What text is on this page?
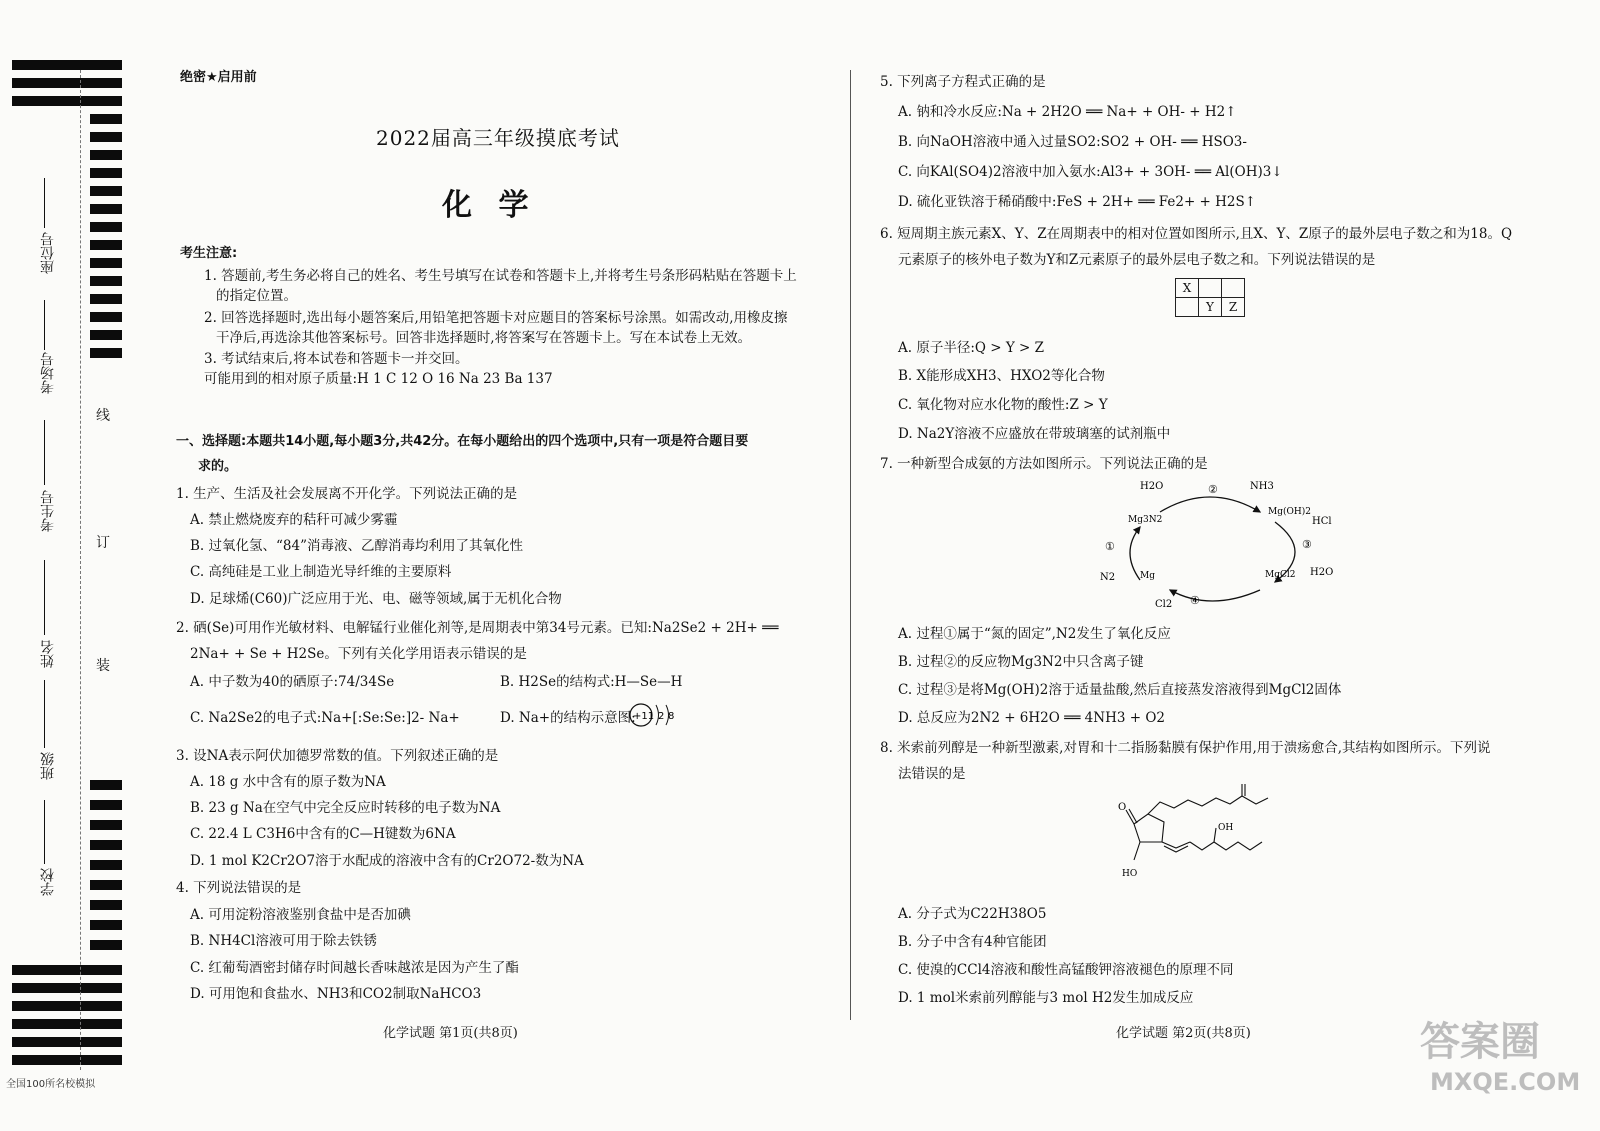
座位号
考场号
考生号
姓名
班级
学校
线
订
装
全国100所名校模拟
绝密★启用前
2022届高三年级摸底考试
化 学
考生注意:
1. 答题前,考生务必将自己的姓名、考生号填写在试卷和答题卡上,并将考生号条形码粘贴在答题卡上
的指定位置。
2. 回答选择题时,选出每小题答案后,用铅笔把答题卡对应题目的答案标号涂黑。如需改动,用橡皮擦
干净后,再选涂其他答案标号。回答非选择题时,将答案写在答题卡上。写在本试卷上无效。
3. 考试结束后,将本试卷和答题卡一并交回。
可能用到的相对原子质量:H 1 C 12 O 16 Na 23 Ba 137
一、选择题:本题共14小题,每小题3分,共42分。在每小题给出的四个选项中,只有一项是符合题目要
求的。
1. 生产、生活及社会发展离不开化学。下列说法正确的是
A. 禁止燃烧废弃的秸秆可减少雾霾
B. 过氧化氢、“84”消毒液、乙醇消毒均利用了其氧化性
C. 高纯硅是工业上制造光导纤维的主要原料
D. 足球烯(C60)广泛应用于光、电、磁等领域,属于无机化合物
2. 硒(Se)可用作光敏材料、电解锰行业催化剂等,是周期表中第34号元素。已知:Na2Se2 + 2H+ ══
2Na+ + Se + H2Se。下列有关化学用语表示错误的是
A. 中子数为40的硒原子:74/34Se	B. H2Se的结构式:H—Se—H
C. Na2Se2的电子式:Na+[:Se:Se:]2- Na+	D. Na+的结构示意图:
+11 2 8
3. 设NA表示阿伏加德罗常数的值。下列叙述正确的是
A. 18 g 水中含有的原子数为NA
B. 23 g Na在空气中完全反应时转移的电子数为NA
C. 22.4 L C3H6中含有的C—H键数为6NA
D. 1 mol K2Cr2O7溶于水配成的溶液中含有的Cr2O72-数为NA
4. 下列说法错误的是
A. 可用淀粉溶液鉴别食盐中是否加碘
B. NH4Cl溶液可用于除去铁锈
C. 红葡萄酒密封储存时间越长香味越浓是因为产生了酯
D. 可用饱和食盐水、NH3和CO2制取NaHCO3
化学试题 第1页(共8页)
5. 下列离子方程式正确的是
A. 钠和冷水反应:Na + 2H2O ══ Na+ + OH- + H2↑
B. 向NaOH溶液中通入过量SO2:SO2 + OH- ══ HSO3-
C. 向KAl(SO4)2溶液中加入氨水:Al3+ + 3OH- ══ Al(OH)3↓
D. 硫化亚铁溶于稀硝酸中:FeS + 2H+ ══ Fe2+ + H2S↑
6. 短周期主族元素X、Y、Z在周期表中的相对位置如图所示,且X、Y、Z原子的最外层电子数之和为18。Q
元素原子的核外电子数为Y和Z元素原子的最外层电子数之和。下列说法错误的是
X		
	Y	Z
A. 原子半径:Q > Y > Z
B. X能形成XH3、HXO2等化合物
C. 氧化物对应水化物的酸性:Z > Y
D. Na2Y溶液不应盛放在带玻璃塞的试剂瓶中
7. 一种新型合成氨的方法如图所示。下列说法正确的是
H2O	②	NH3
Mg3N2
Mg(OH)2
HCl
③
H2O
①
N2	Mg	MgCl2
Cl2 ④
A. 过程①属于“氮的固定”,N2发生了氧化反应
B. 过程②的反应物Mg3N2中只含离子键
C. 过程③是将Mg(OH)2溶于适量盐酸,然后直接蒸发溶液得到MgCl2固体
D. 总反应为2N2 + 6H2O ══ 4NH3 + O2
8. 米索前列醇是一种新型激素,对胃和十二指肠黏膜有保护作用,用于溃疡愈合,其结构如图所示。下列说
法错误的是
O
OH
HO
A. 分子式为C22H38O5
B. 分子中含有4种官能团
C. 使溴的CCl4溶液和酸性高锰酸钾溶液褪色的原理不同
D. 1 mol米索前列醇能与3 mol H2发生加成反应
化学试题 第2页(共8页)	答案圈
MXQE.COM
